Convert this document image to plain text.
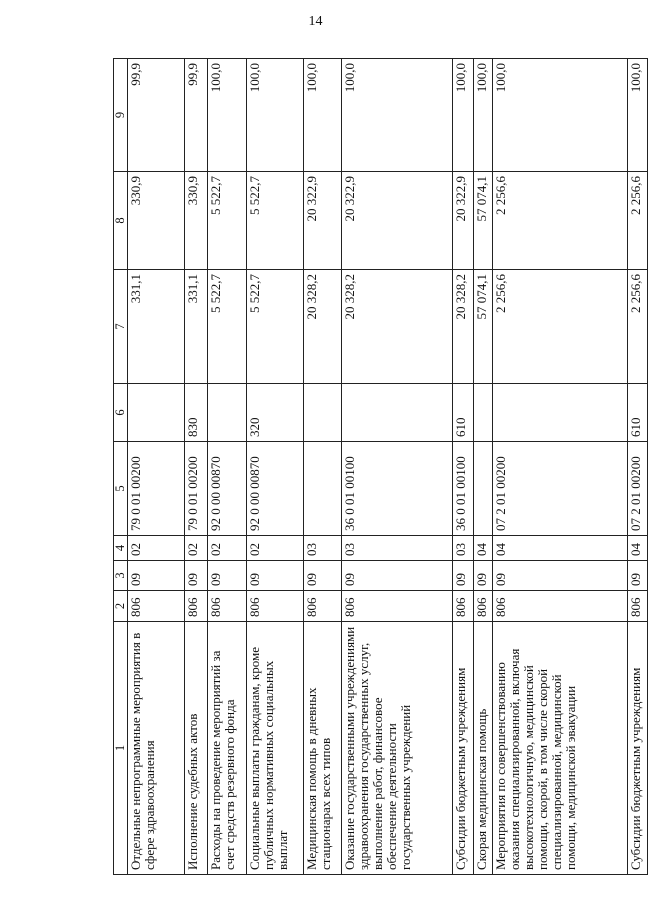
14
1	2	3	4	5	6	7	8	9
Отдельные непрограммные мероприятия в сфере здравоохранения	806	09	02	79 0 01 00200		331,1	330,9	99,9
Исполнение судебных актов	806	09	02	79 0 01 00200	830	331,1	330,9	99,9
Расходы на проведение мероприятий за счет средств резервного фонда	806	09	02	92 0 00 00870		5 522,7	5 522,7	100,0
Социальные выплаты гражданам, кроме публичных нормативных социальных выплат	806	09	02	92 0 00 00870	320	5 522,7	5 522,7	100,0
Медицинская помощь в дневных стационарах всех типов	806	09	03			20 328,2	20 322,9	100,0
Оказание государственными учреждениями здравоохранения государственных услуг, выполнение работ, финансовое обеспечение деятельности государственных учреждений	806	09	03	36 0 01 00100		20 328,2	20 322,9	100,0
Субсидии бюджетным учреждениям	806	09	03	36 0 01 00100	610	20 328,2	20 322,9	100,0
Скорая медицинская помощь	806	09	04			57 074,1	57 074,1	100,0
Мероприятия по совершенствованию оказания специализированной, включая высокотехнологичную, медицинской помощи, скорой, в том числе скорой специализированной, медицинской помощи, медицинской эвакуации	806	09	04	07 2 01 00200		2 256,6	2 256,6	100,0
Субсидии бюджетным учреждениям	806	09	04	07 2 01 00200	610	2 256,6	2 256,6	100,0
